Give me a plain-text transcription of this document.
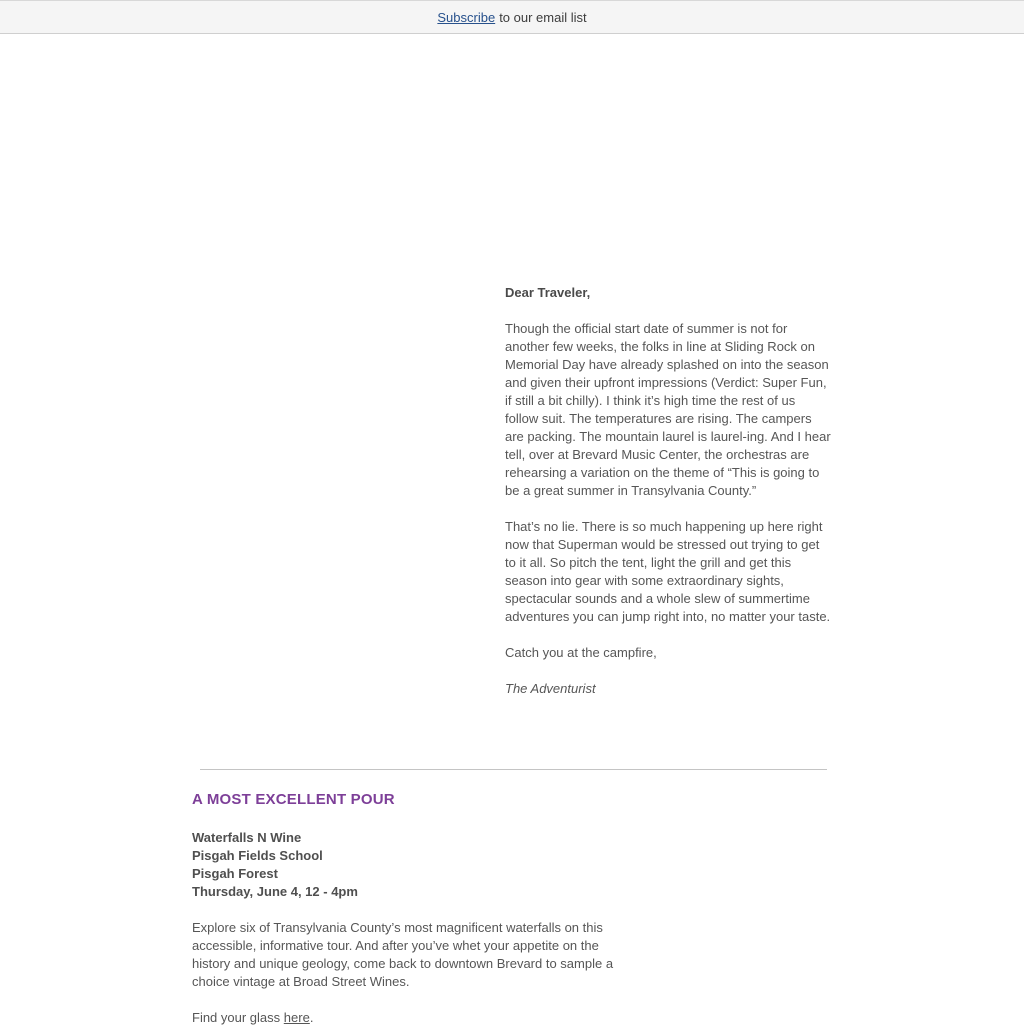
Subscribe to our email list

Dear Traveler,

Though the official start date of summer is not for another few weeks, the folks in line at Sliding Rock on Memorial Day have already splashed on into the season and given their upfront impressions (Verdict: Super Fun, if still a bit chilly). I think it’s high time the rest of us follow suit. The temperatures are rising. The campers are packing. The mountain laurel is laurel-ing. And I hear tell, over at Brevard Music Center, the orchestras are rehearsing a variation on the theme of “This is going to be a great summer in Transylvania County.”

That’s no lie. There is so much happening up here right now that Superman would be stressed out trying to get to it all. So pitch the tent, light the grill and get this season into gear with some extraordinary sights, spectacular sounds and a whole slew of summertime adventures you can jump right into, no matter your taste.

Catch you at the campfire,

The Adventurist

A MOST EXCELLENT POUR
Waterfalls N Wine
Pisgah Fields School
Pisgah Forest
Thursday, June 4, 12 - 4pm

Explore six of Transylvania County’s most magnificent waterfalls on this accessible, informative tour. And after you’ve whet your appetite on the history and unique geology, come back to downtown Brevard to sample a choice vintage at Broad Street Wines.

Find your glass here.
